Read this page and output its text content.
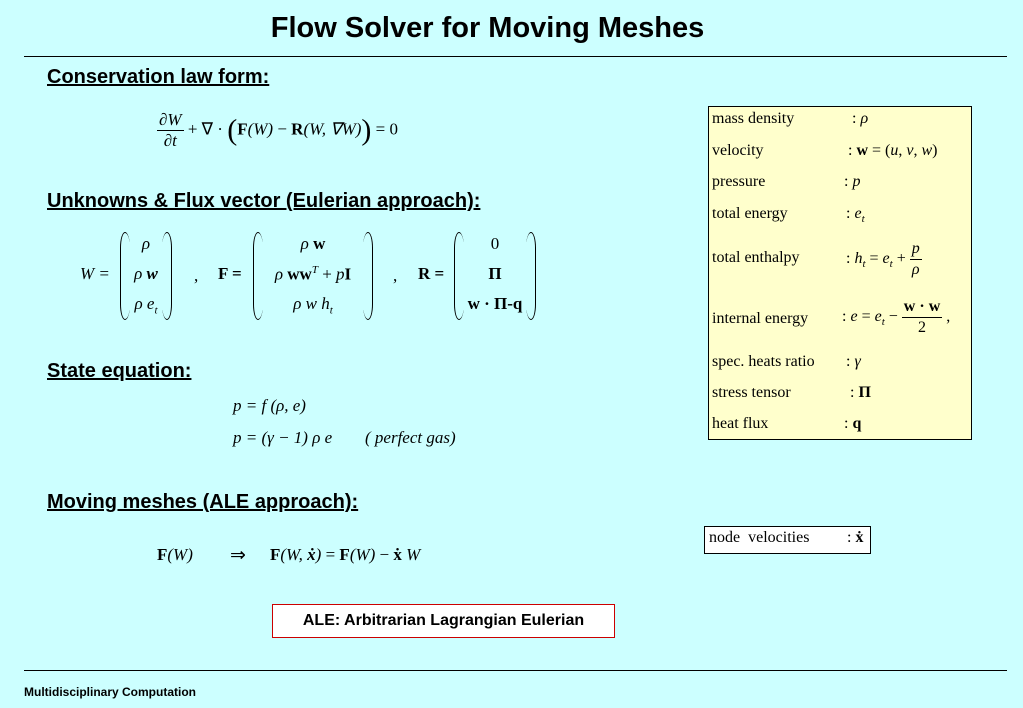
Flow Solver for Moving Meshes
Conservation law form:
$\frac{\partial W}{\partial t}$ + ∇ · (F(W) − R(W, ∇W)) = 0
Unknowns & Flux vector (Eulerian approach):
W =
ρ
ρ w
ρ $e_t$
, F =
ρ w
ρ $ww^T$ + pI
ρ w $h_t$
, R =
0
Π
w · Π-q
State equation:
p = f (ρ, e)
p = (γ − 1) ρ e ( perfect gas)
Moving meshes (ALE approach):
F(W) ⇒ F(W, ẋ) = F(W) − ẋ W
mass density	: ρ
velocity	: w = (u, v, w)
pressure	: p
total energy	: $e_t$
total enthalpy	: $h_t = e_t + \frac{p}{\rho}$
internal energy : $e = e_t - \frac{w \cdot w}{2}$ ,
spec. heats ratio : γ
stress tensor	: Π
heat flux	: q
node  velocities : ẋ
ALE: Arbitrarian Lagrangian Eulerian
Multidisciplinary Computation
